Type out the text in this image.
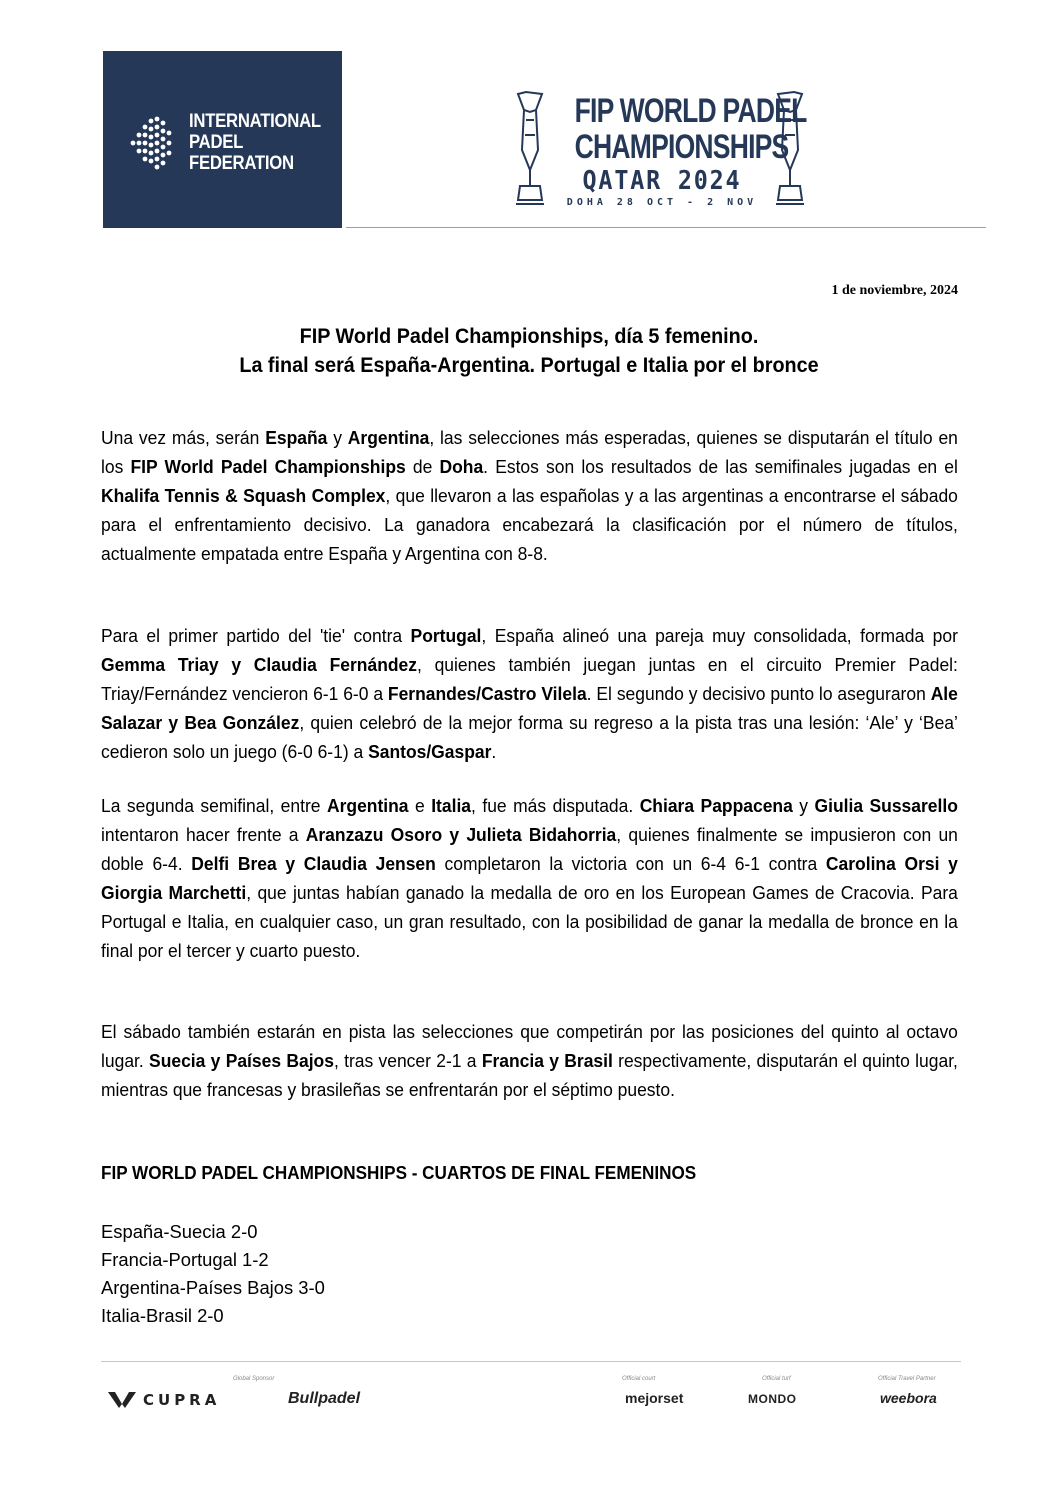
INTERNATIONAL
PADEL
FEDERATION
FIP WORLD PADEL
CHAMPIONSHIPS
QATAR 2024
DOHA 28 OCT - 2 NOV
1 de noviembre, 2024
FIP World Padel Championships, día 5 femenino.
La final será España-Argentina. Portugal e Italia por el bronce
Una vez más, serán España y Argentina, las selecciones más esperadas, quienes se disputarán el título en los FIP World Padel Championships de Doha. Estos son los resultados de las semifinales jugadas en el Khalifa Tennis & Squash Complex, que llevaron a las españolas y a las argentinas a encontrarse el sábado para el enfrentamiento decisivo. La ganadora encabezará la clasificación por el número de títulos, actualmente empatada entre España y Argentina con 8-8.
Para el primer partido del 'tie' contra Portugal, España alineó una pareja muy consolidada, formada por Gemma Triay y Claudia Fernández, quienes también juegan juntas en el circuito Premier Padel: Triay/Fernández vencieron 6-1 6-0 a Fernandes/Castro Vilela. El segundo y decisivo punto lo aseguraron Ale Salazar y Bea González, quien celebró de la mejor forma su regreso a la pista tras una lesión: ‘Ale’ y ‘Bea’ cedieron solo un juego (6-0 6-1) a Santos/Gaspar.
La segunda semifinal, entre Argentina e Italia, fue más disputada. Chiara Pappacena y Giulia Sussarello intentaron hacer frente a Aranzazu Osoro y Julieta Bidahorria, quienes finalmente se impusieron con un doble 6-4. Delfi Brea y Claudia Jensen completaron la victoria con un 6-4 6-1 contra Carolina Orsi y Giorgia Marchetti, que juntas habían ganado la medalla de oro en los European Games de Cracovia. Para Portugal e Italia, en cualquier caso, un gran resultado, con la posibilidad de ganar la medalla de bronce en la final por el tercer y cuarto puesto.
El sábado también estarán en pista las selecciones que competirán por las posiciones del quinto al octavo lugar. Suecia y Países Bajos, tras vencer 2-1 a Francia y Brasil respectivamente, disputarán el quinto lugar, mientras que francesas y brasileñas se enfrentarán por el séptimo puesto.
FIP WORLD PADEL CHAMPIONSHIPS - CUARTOS DE FINAL FEMENINOS
España-Suecia 2-0
Francia-Portugal 1-2
Argentina-Países Bajos 3-0
Italia-Brasil 2-0
Global Sponsor	Official court	Official turf	Official Travel Partner
CUPRA	Bullpadel	mejorset	MONDO	weebora
